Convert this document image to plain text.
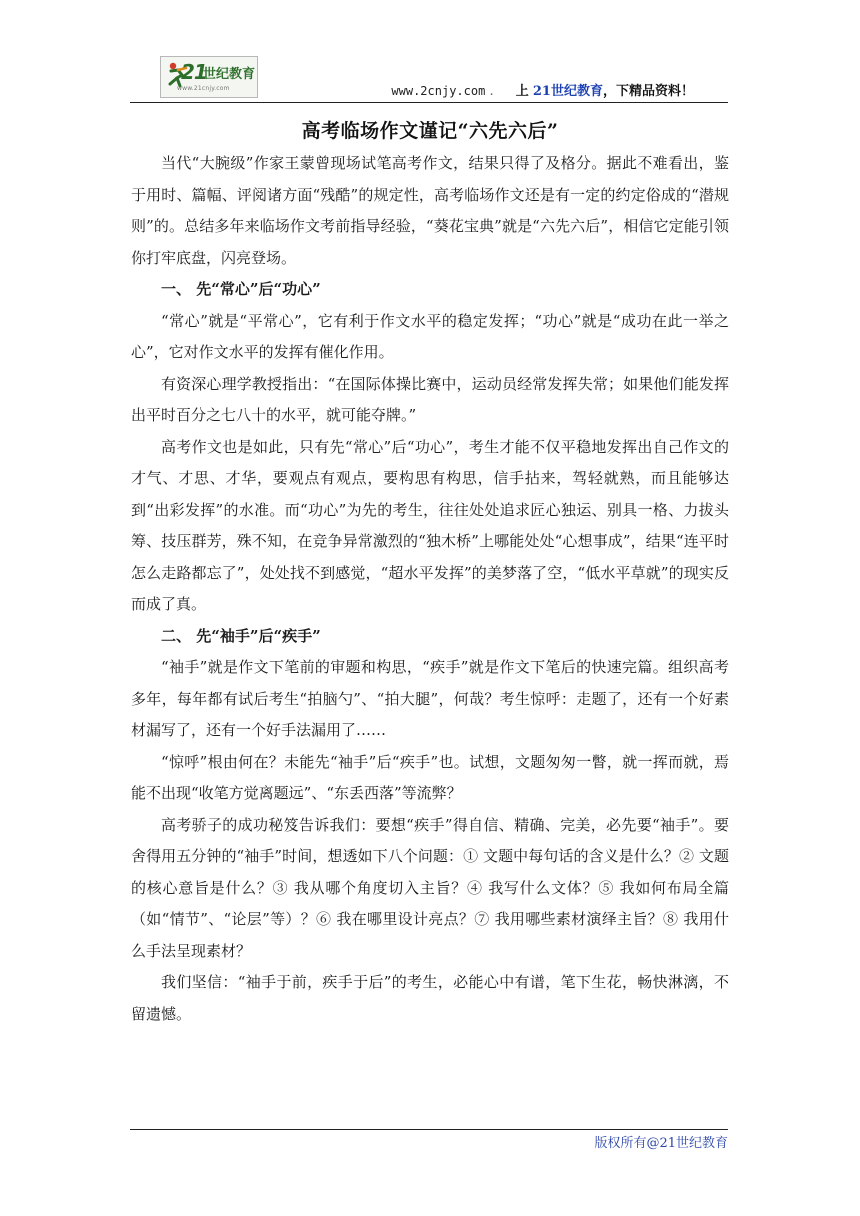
21
世纪教育
www.21cnjy.com	www.2cnjy.com . 上 21世纪教育，下精品资料！
高考临场作文谨记“六先六后”

当代“大腕级”作家王蒙曾现场试笔高考作文，结果只得了及格分。据此不难看出，鉴于用时、篇幅、评阅诸方面“残酷”的规定性，高考临场作文还是有一定的约定俗成的“潜规则”的。总结多年来临场作文考前指导经验，“葵花宝典”就是“六先六后”，相信它定能引领你打牢底盘，闪亮登场。

一、 先“常心”后“功心”

“常心”就是“平常心”，它有利于作文水平的稳定发挥；“功心”就是“成功在此一举之心”，它对作文水平的发挥有催化作用。

有资深心理学教授指出：“在国际体操比赛中，运动员经常发挥失常；如果他们能发挥出平时百分之七八十的水平，就可能夺牌。”

高考作文也是如此，只有先“常心”后“功心”，考生才能不仅平稳地发挥出自己作文的才气、才思、才华，要观点有观点，要构思有构思，信手拈来，驾轻就熟，而且能够达到“出彩发挥”的水准。而“功心”为先的考生，往往处处追求匠心独运、别具一格、力拔头筹、技压群芳，殊不知，在竞争异常激烈的“独木桥”上哪能处处“心想事成”，结果“连平时怎么走路都忘了”，处处找不到感觉，“超水平发挥”的美梦落了空，“低水平草就”的现实反而成了真。

二、 先“袖手”后“疾手”

“袖手”就是作文下笔前的审题和构思，“疾手”就是作文下笔后的快速完篇。组织高考多年，每年都有试后考生“拍脑勺”、“拍大腿”，何哉？考生惊呼：走题了，还有一个好素材漏写了，还有一个好手法漏用了……

“惊呼”根由何在？未能先“袖手”后“疾手”也。试想，文题匆匆一瞥，就一挥而就，焉能不出现“收笔方觉离题远”、“东丢西落”等流弊？

高考骄子的成功秘笈告诉我们：要想“疾手”得自信、精确、完美，必先要“袖手”。要舍得用五分钟的“袖手”时间，想透如下八个问题：① 文题中每句话的含义是什么？② 文题的核心意旨是什么？③ 我从哪个角度切入主旨？④ 我写什么文体？⑤ 我如何布局全篇（如“情节”、“论层”等）？⑥ 我在哪里设计亮点？⑦ 我用哪些素材演绎主旨？⑧ 我用什么手法呈现素材？

我们坚信：“袖手于前，疾手于后”的考生，必能心中有谱，笔下生花，畅快淋漓，不留遗憾。

版权所有@21世纪教育
